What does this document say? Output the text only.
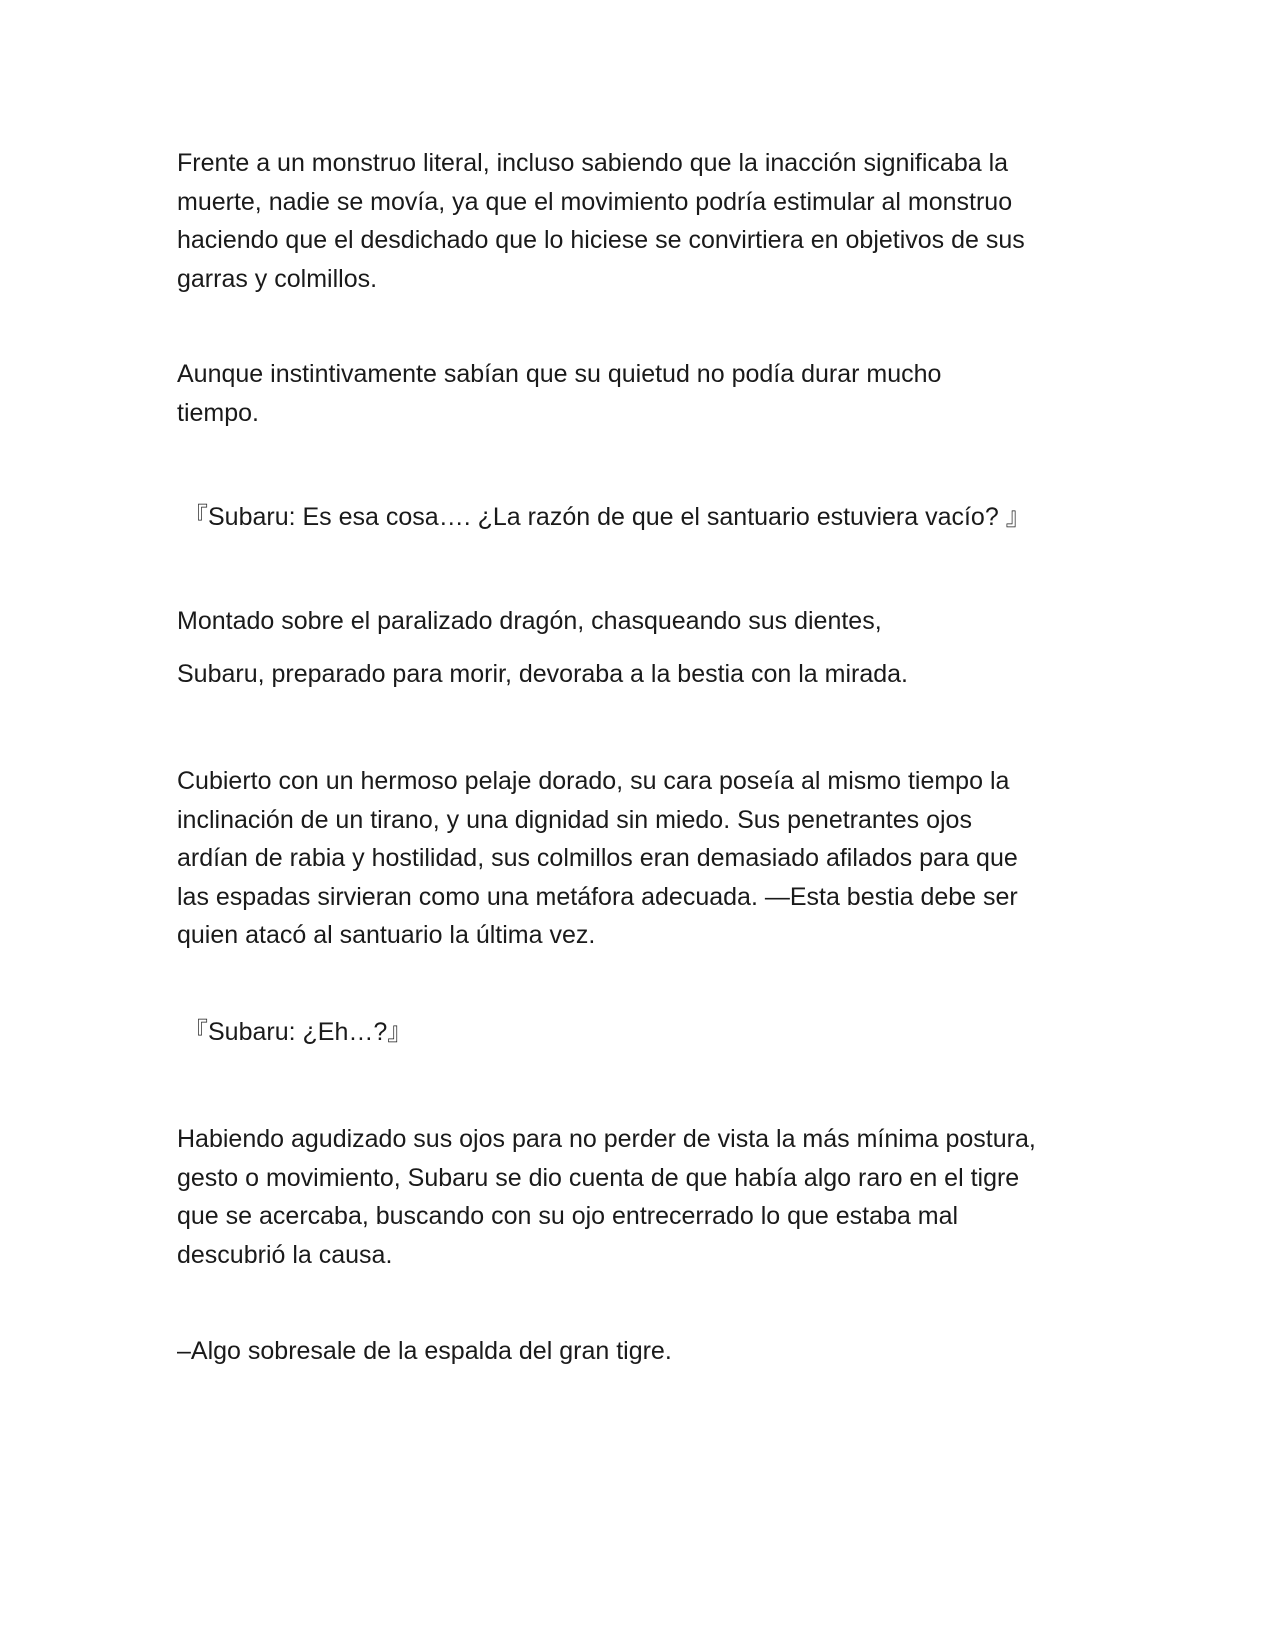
Frente a un monstruo literal, incluso sabiendo que la inacción significaba la
muerte, nadie se movía, ya que el movimiento podría estimular al monstruo
haciendo que el desdichado que lo hiciese se convirtiera en objetivos de sus
garras y colmillos.

Aunque instintivamente sabían que su quietud no podía durar mucho
tiempo.

『Subaru: Es esa cosa…. ¿La razón de que el santuario estuviera vacío? 』

Montado sobre el paralizado dragón, chasqueando sus dientes,

Subaru, preparado para morir, devoraba a la bestia con la mirada.

Cubierto con un hermoso pelaje dorado, su cara poseía al mismo tiempo la
inclinación de un tirano, y una dignidad sin miedo. Sus penetrantes ojos
ardían de rabia y hostilidad, sus colmillos eran demasiado afilados para que
las espadas sirvieran como una metáfora adecuada. —Esta bestia debe ser
quien atacó al santuario la última vez.

『Subaru: ¿Eh…?』

Habiendo agudizado sus ojos para no perder de vista la más mínima postura,
gesto o movimiento, Subaru se dio cuenta de que había algo raro en el tigre
que se acercaba, buscando con su ojo entrecerrado lo que estaba mal
descubrió la causa.

–Algo sobresale de la espalda del gran tigre.
